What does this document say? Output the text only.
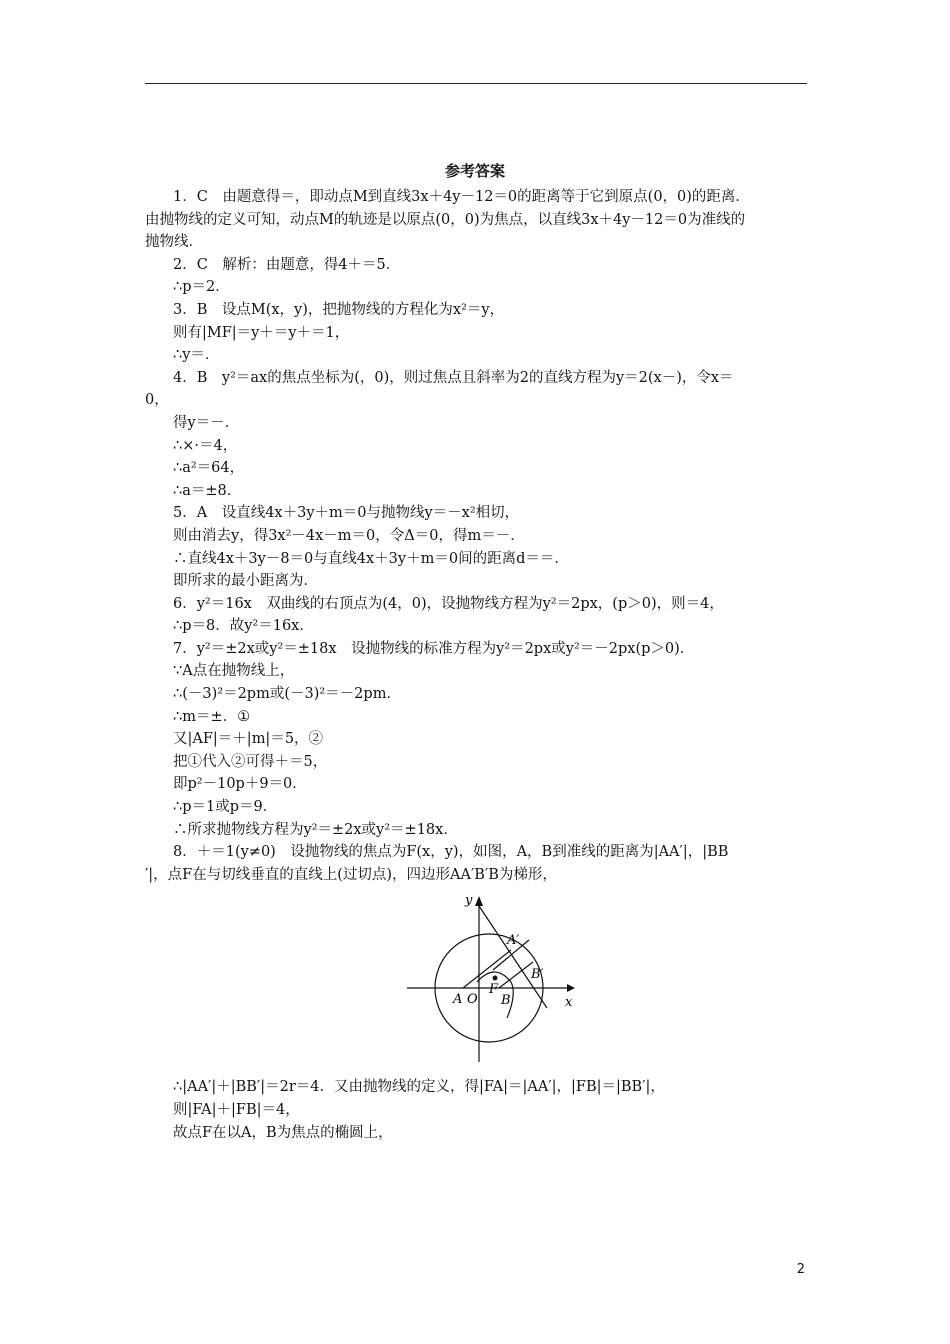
参考答案
1．C　由题意得＝，即动点M到直线3x＋4y－12＝0的距离等于它到原点(0，0)的距离．
由抛物线的定义可知，动点M的轨迹是以原点(0，0)为焦点，以直线3x＋4y－12＝0为准线的
抛物线．
2．C　解析：由题意，得4＋＝5．
∴p＝2．
3．B　设点M(x，y)，把抛物线的方程化为x²＝y，
则有|MF|＝y＋＝y＋＝1，
∴y＝．
4．B　y²＝ax的焦点坐标为(，0)，则过焦点且斜率为2的直线方程为y＝2(x－)，令x＝
0，
得y＝－．
∴×·＝4，
∴a²＝64，
∴a＝±8．
5．A　设直线4x＋3y＋m＝0与抛物线y＝－x²相切，
则由消去y，得3x²－4x－m＝0，令Δ＝0，得m＝－．
∴直线4x＋3y－8＝0与直线4x＋3y＋m＝0间的距离d＝＝．
即所求的最小距离为．
6．y²＝16x　双曲线的右顶点为(4，0)，设抛物线方程为y²＝2px，(p＞0)，则＝4，
∴p＝8．故y²＝16x．
7．y²＝±2x或y²＝±18x　设抛物线的标准方程为y²＝2px或y²＝－2px(p＞0)．
∵A点在抛物线上，
∴(－3)²＝2pm或(－3)²＝－2pm．
∴m＝±．①
又|AF|＝＋|m|＝5，②
把①代入②可得＋＝5，
即p²－10p＋9＝0．
∴p＝1或p＝9．
∴所求抛物线方程为y²＝±2x或y²＝±18x．
8．＋＝1(y≠0)　设抛物线的焦点为F(x，y)，如图，A，B到准线的距离为|AA′|，|BB
′|，点F在与切线垂直的直线上(过切点)，四边形AA′B′B为梯形，
y
x
A′
B′
A O
F
B
∴|AA′|＋|BB′|＝2r＝4．又由抛物线的定义，得|FA|＝|AA′|，|FB|＝|BB′|，
则|FA|＋|FB|＝4，
故点F在以A，B为焦点的椭圆上，
2
